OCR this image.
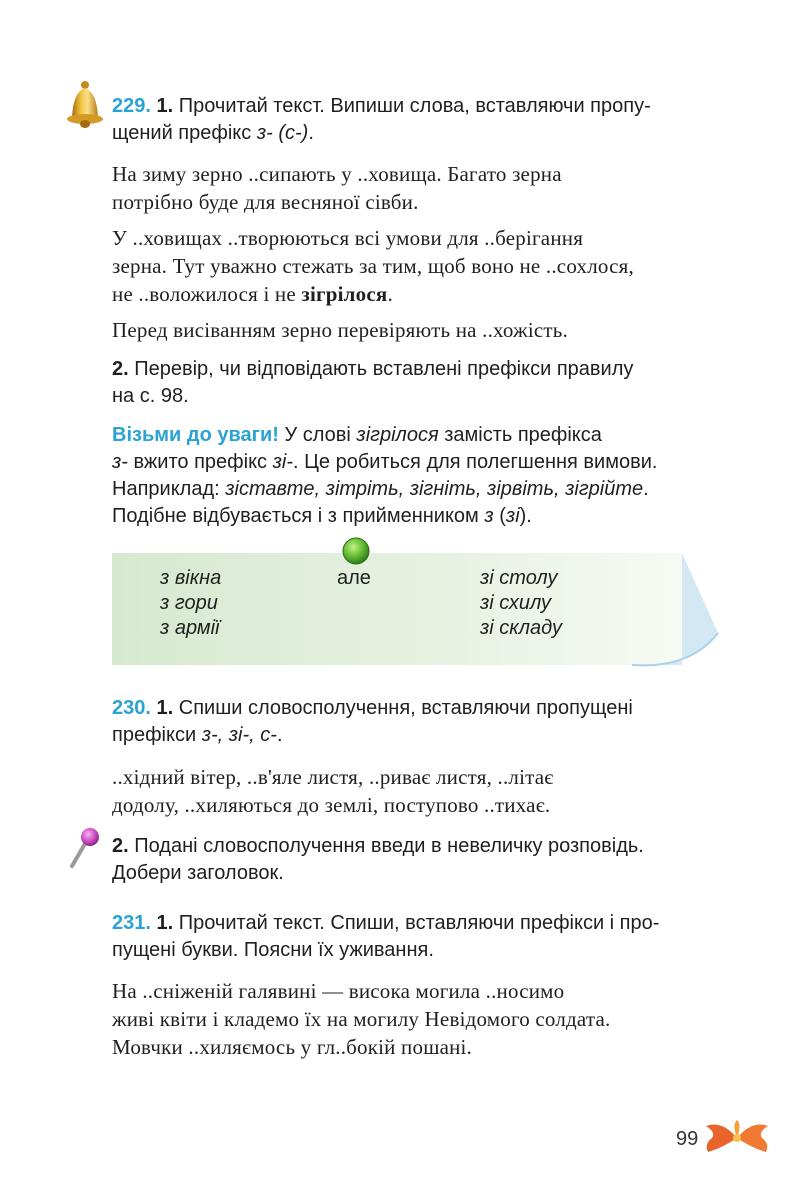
229. 1. Прочитай текст. Випиши слова, вставляючи пропу-
щений префікс з- (с-).

На зиму зерно ..сипають у ..ховища. Багато зерна

потрібно буде для весняної сівби.

У ..ховищах ..творюються всі умови для ..берігання

зерна. Тут уважно стежать за тим, щоб воно не ..сохлося,

не ..воложилося і не зігрілося.

Перед висіванням зерно перевіряють на ..хожість.

2. Перевір, чи відповідають вставлені префікси правилу
на с. 98.
Візьми до уваги! У слові зігрілося замість префікса
з- вжито префікс зі-. Це робиться для полегшення вимови.
Наприклад: зіставте, зітріть, зігніть, зірвіть, зігрійте.
Подібне відбувається і з прийменником з (зі).
з вікна
з гори
з армії
але	зі столу
зі схилу
зі складу
230. 1. Спиши словосполучення, вставляючи пропущені
префікси з-, зі-, с-.

..хідний вітер, ..в'яле листя, ..риває листя, ..літає

додолу, ..хиляються до землі, поступово ..тихає.

2. Подані словосполучення введи в невеличку розповідь.
Добери заголовок.
231. 1. Прочитай текст. Спиши, вставляючи префікси і про-
пущені букви. Поясни їх уживання.

На ..сніженій галявині — висока могила ..носимо

живі квіти і кладемо їх на могилу Невідомого солдата.

Мовчки ..хиляємось у гл..бокій пошані.

99
